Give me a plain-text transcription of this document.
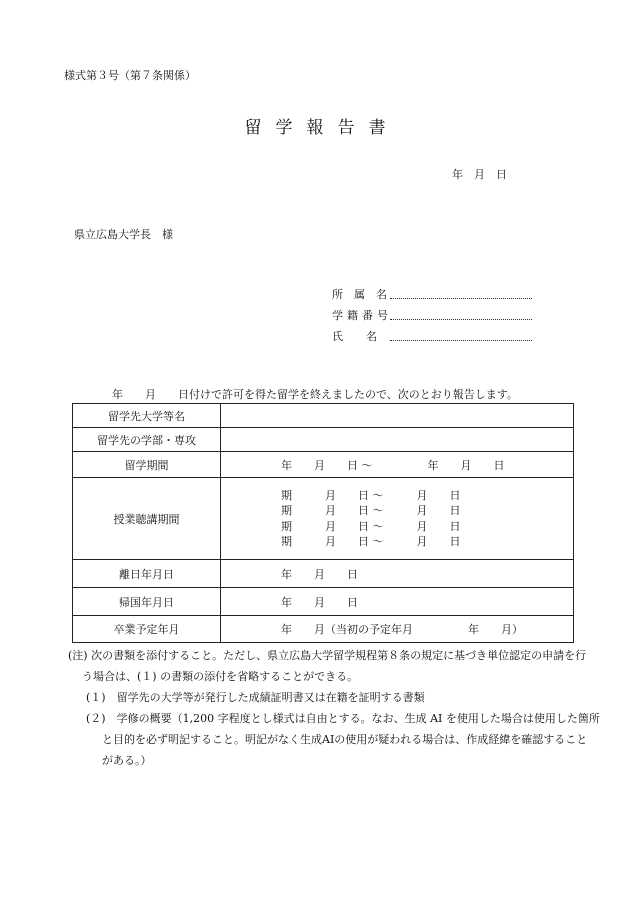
様式第３号（第７条関係）
留学報告書
年　月　日
県立広島大学長　様
所属名
学籍番号
氏　名
年　　月　　日付けで許可を得た留学を終えましたので、次のとおり報告します。
留学先大学等名	
留学先の学部・専攻	
留学期間	年　　月　　日 ～　　　　　年　　月　　日
授業聴講期間	期　　　月　　日 ～　　　月　　日
期　　　月　　日 ～　　　月　　日
期　　　月　　日 ～　　　月　　日
期　　　月　　日 ～　　　月　　日

離日年月日	年　　月　　日
帰国年月日	年　　月　　日
卒業予定年月	年　　月（当初の予定年月　　　　　年　　月）
(注) 次の書類を添付すること。ただし、県立広島大学留学規程第８条の規定に基づき単位認定の申請を行
う場合は、(１) の書類の添付を省略することができる。
(１)　留学先の大学等が発行した成績証明書又は在籍を証明する書類
(２)　学修の概要（1,200 字程度とし様式は自由とする。なお、生成 AI を使用した場合は使用した箇所
と目的を必ず明記すること。明記がなく生成AIの使用が疑われる場合は、作成経緯を確認すること
がある。）
